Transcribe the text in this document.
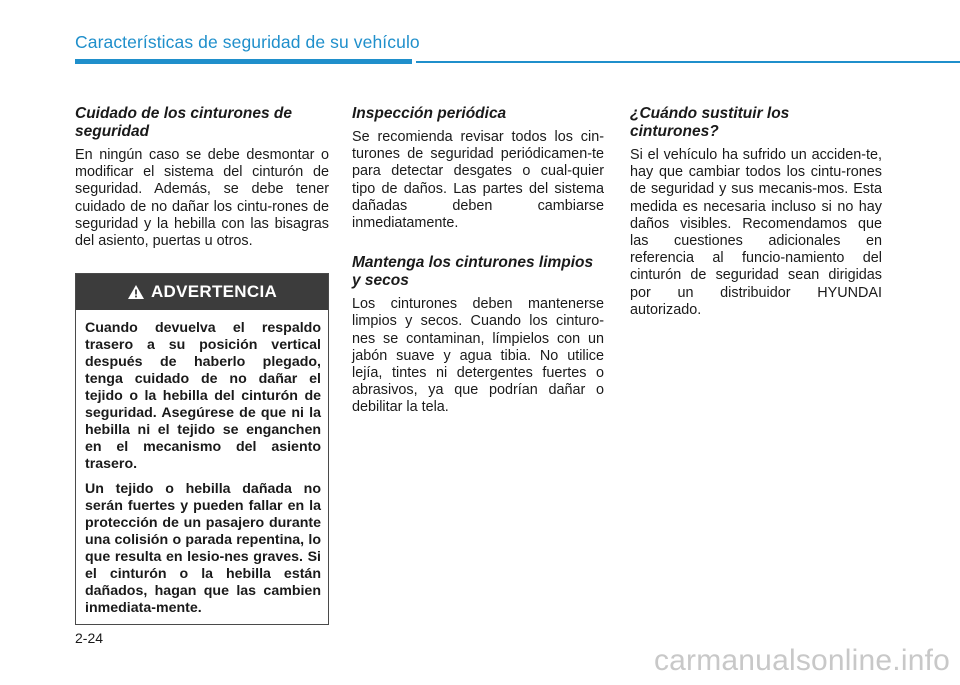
Características de seguridad de su vehículo
Cuidado de los cinturones de seguridad

En ningún caso se debe desmontar o modificar el sistema del cinturón de seguridad. Además, se debe tener cuidado de no dañar los cintu-rones de seguridad y la hebilla con las bisagras del asiento, puertas u otros.

ADVERTENCIA

Cuando devuelva el respaldo trasero a su posición vertical después de haberlo plegado, tenga cuidado de no dañar el tejido o la hebilla del cinturón de seguridad. Asegúrese de que ni la hebilla ni el tejido se enganchen en el mecanismo del asiento trasero.

Un tejido o hebilla dañada no serán fuertes y pueden fallar en la protección de un pasajero durante una colisión o parada repentina, lo que resulta en lesio-nes graves. Si el cinturón o la hebilla están dañados, hagan que las cambien inmediata-mente.

Inspección periódica

Se recomienda revisar todos los cin-turones de seguridad periódicamen-te para detectar desgates o cual-quier tipo de daños. Las partes del sistema dañadas deben cambiarse inmediatamente.

Mantenga los cinturones limpios y secos

Los cinturones deben mantenerse limpios y secos. Cuando los cinturo-nes se contaminan, límpielos con un jabón suave y agua tibia. No utilice lejía, tintes ni detergentes fuertes o abrasivos, ya que podrían dañar o debilitar la tela.

¿Cuándo sustituir los cinturones?

Si el vehículo ha sufrido un acciden-te, hay que cambiar todos los cintu-rones de seguridad y sus mecanis-mos. Esta medida es necesaria incluso si no hay daños visibles. Recomendamos que las cuestiones adicionales en referencia al funcio-namiento del cinturón de seguridad sean dirigidas por un distribuidor HYUNDAI autorizado.

2-24
carmanualsonline.info
